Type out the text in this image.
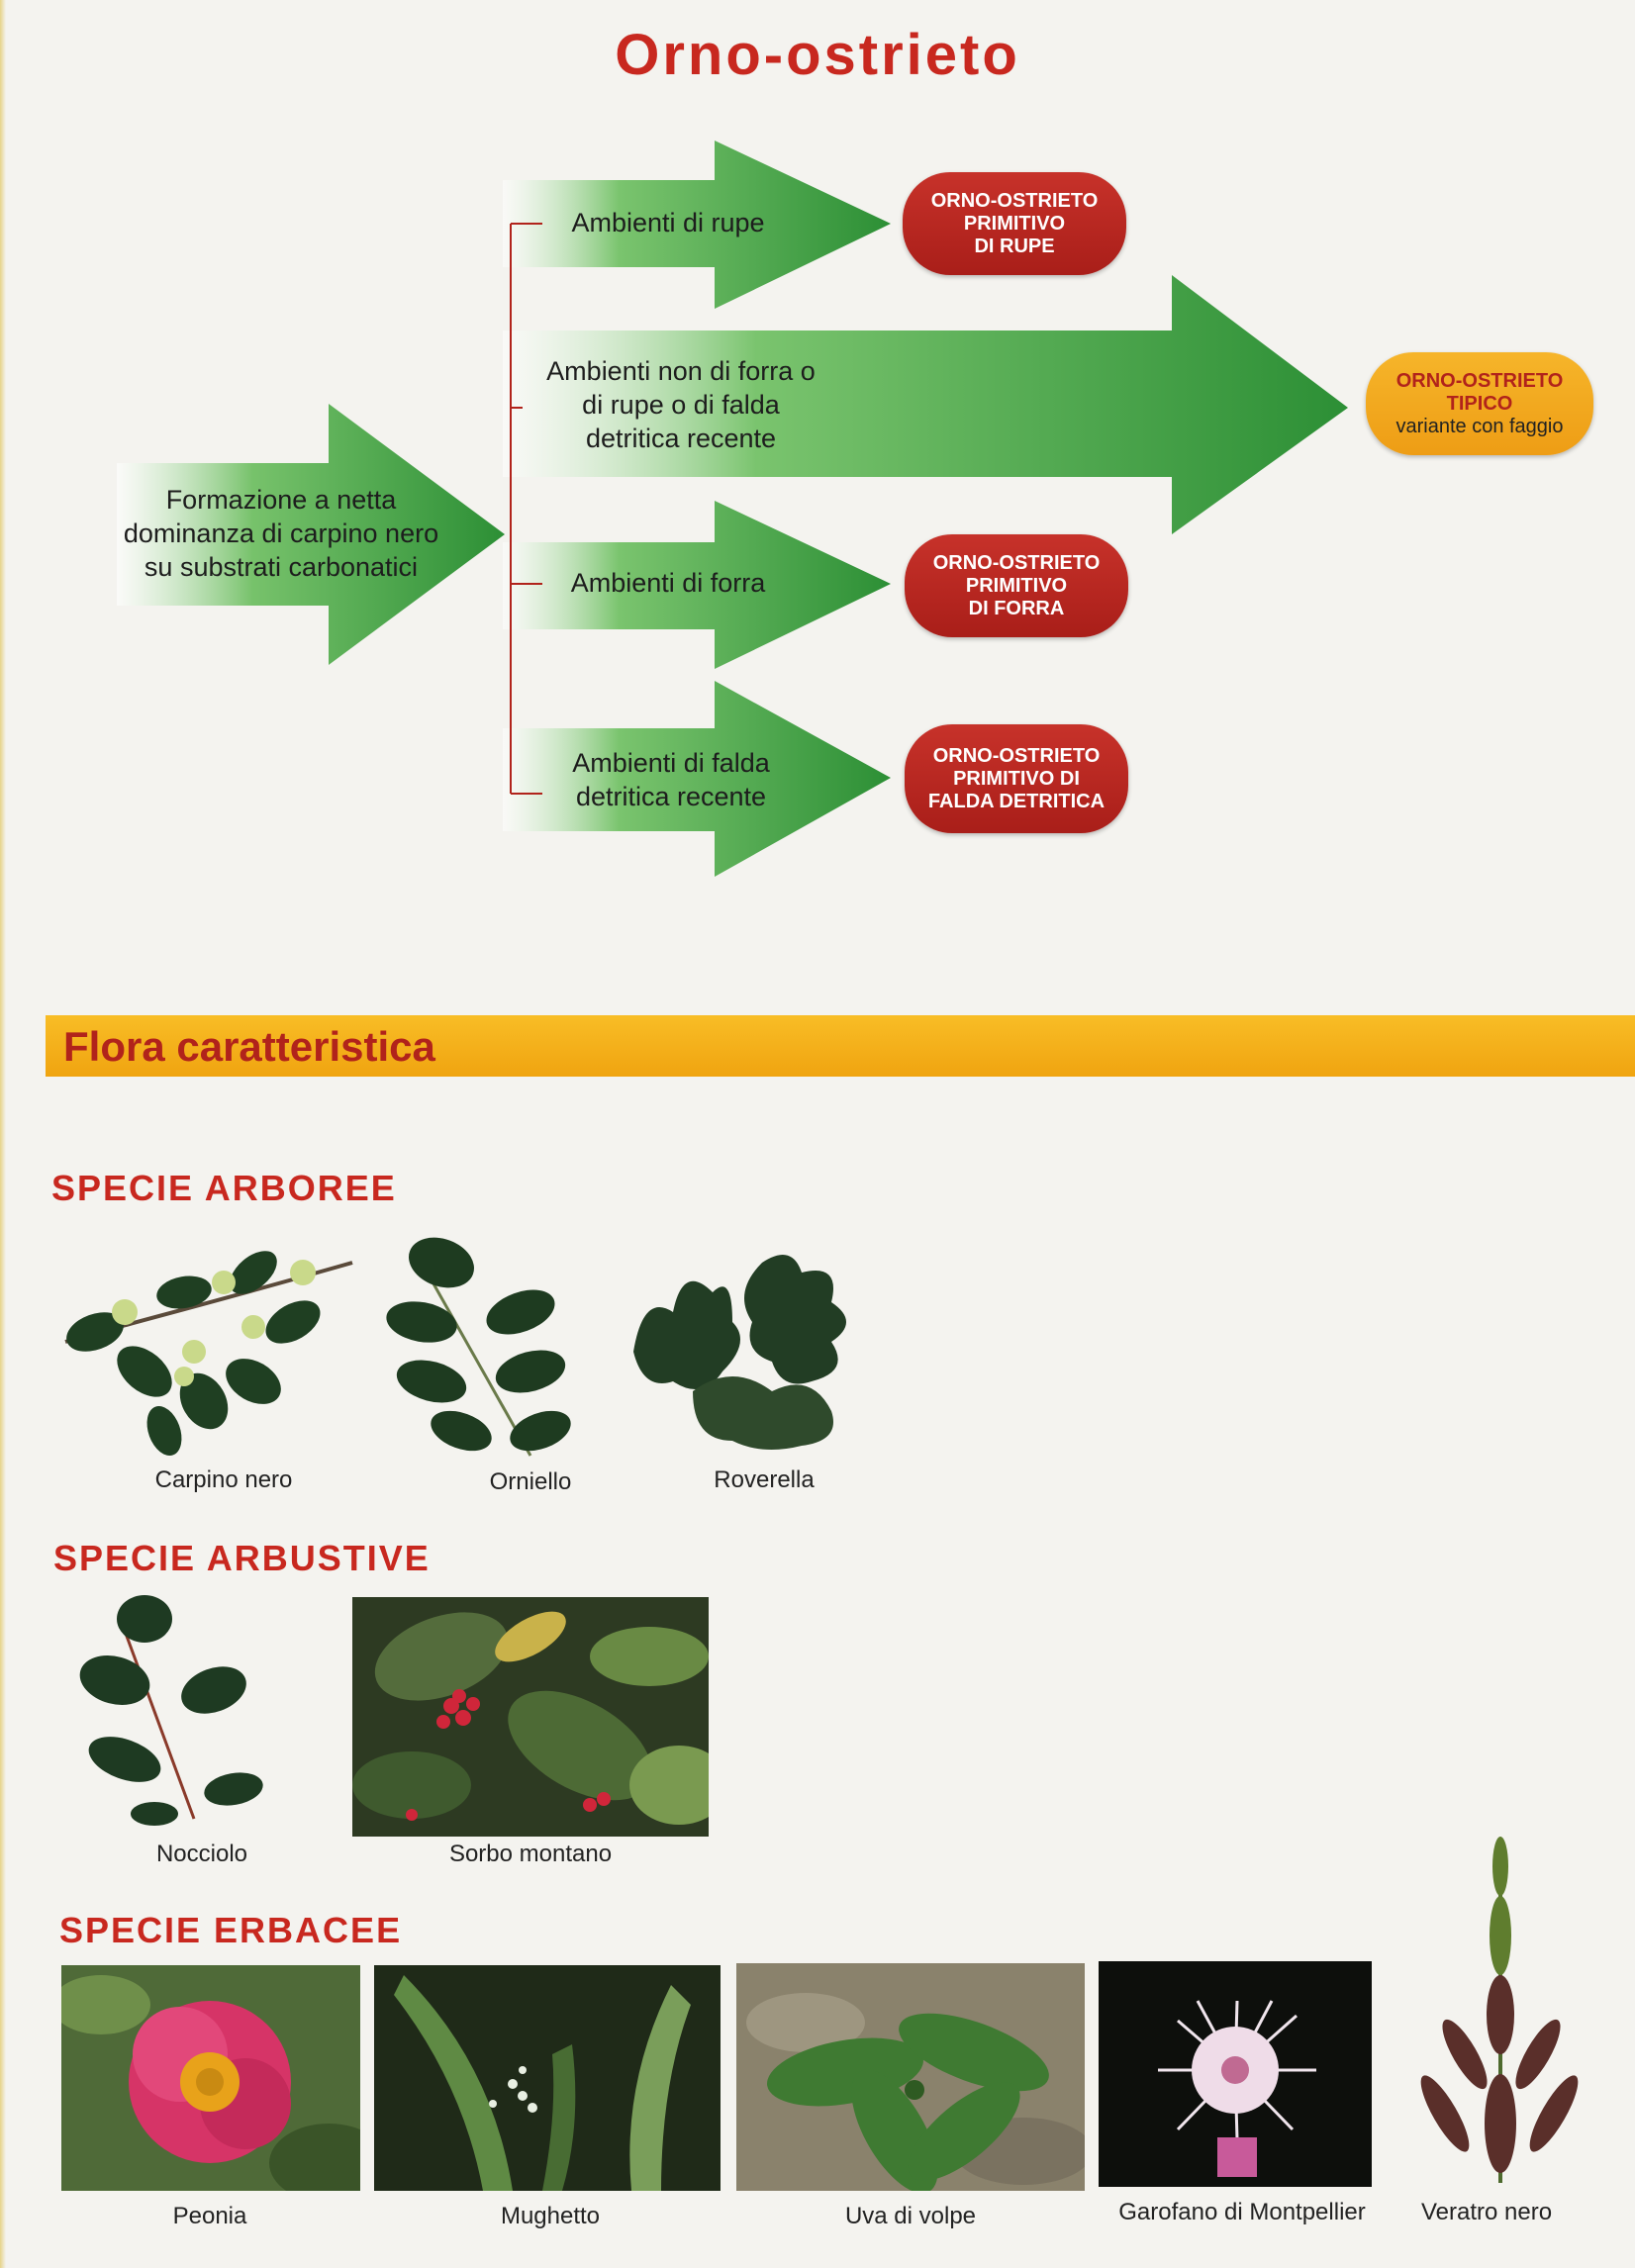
Orno-ostrieto
Formazione a netta dominanza di carpino nero su substrati carbonatici
Ambienti di rupe
Ambienti non di forra o di rupe o di falda detritica recente
Ambienti di forra
Ambienti di falda detritica recente
ORNO-OSTRIETO
PRIMITIVO
DI RUPE
ORNO-OSTRIETO
TIPICO
variante con faggio
ORNO-OSTRIETO
PRIMITIVO
DI FORRA
ORNO-OSTRIETO
PRIMITIVO DI
FALDA DETRITICA
Flora caratteristica
SPECIE ARBOREE
Carpino nero	Orniello	Roverella
SPECIE ARBUSTIVE
Nocciolo	Sorbo montano
SPECIE ERBACEE
Peonia	Mughetto	Uva di volpe	Garofano di Montpellier	Veratro nero
